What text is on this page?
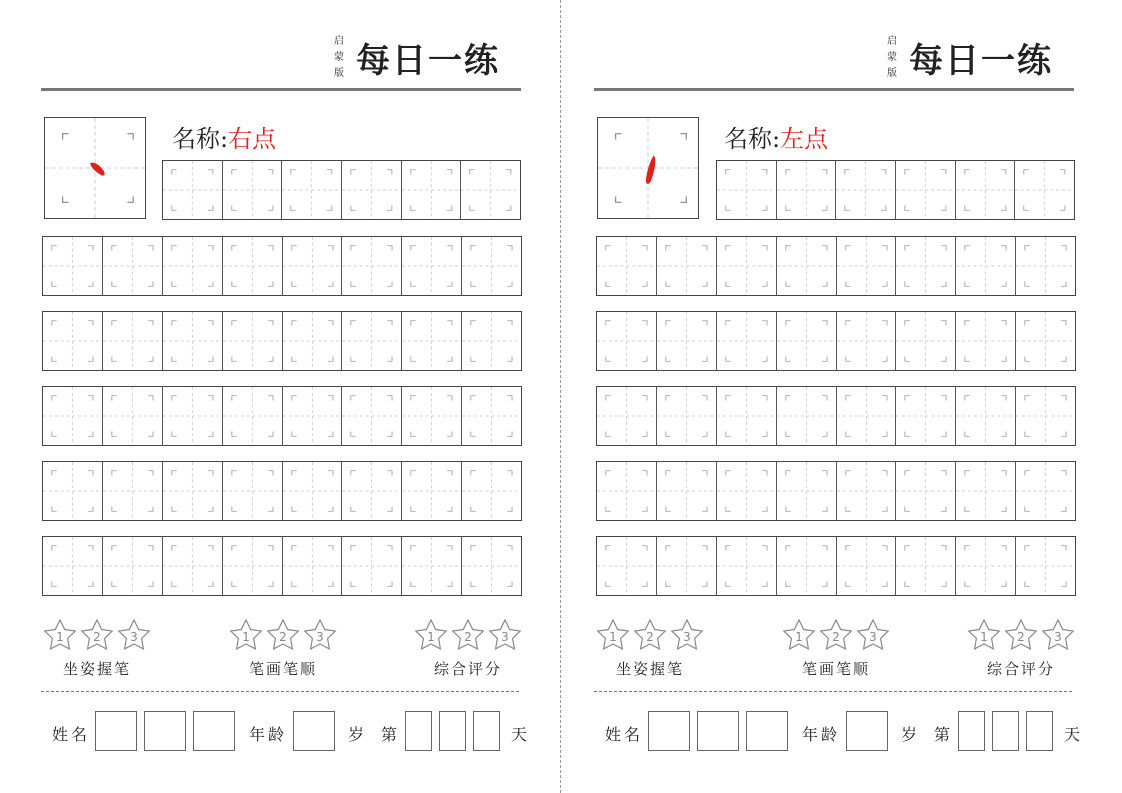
启
蒙
版 每日一练
名称:右点
1 2 3
坐姿握笔
1 2 3
笔画笔顺
1 2 3
综合评分
姓名	年龄	岁 第	天
启
蒙
版 每日一练
名称:左点
1 2 3
坐姿握笔
1 2 3
笔画笔顺
1 2 3
综合评分
姓名	年龄	岁 第	天
